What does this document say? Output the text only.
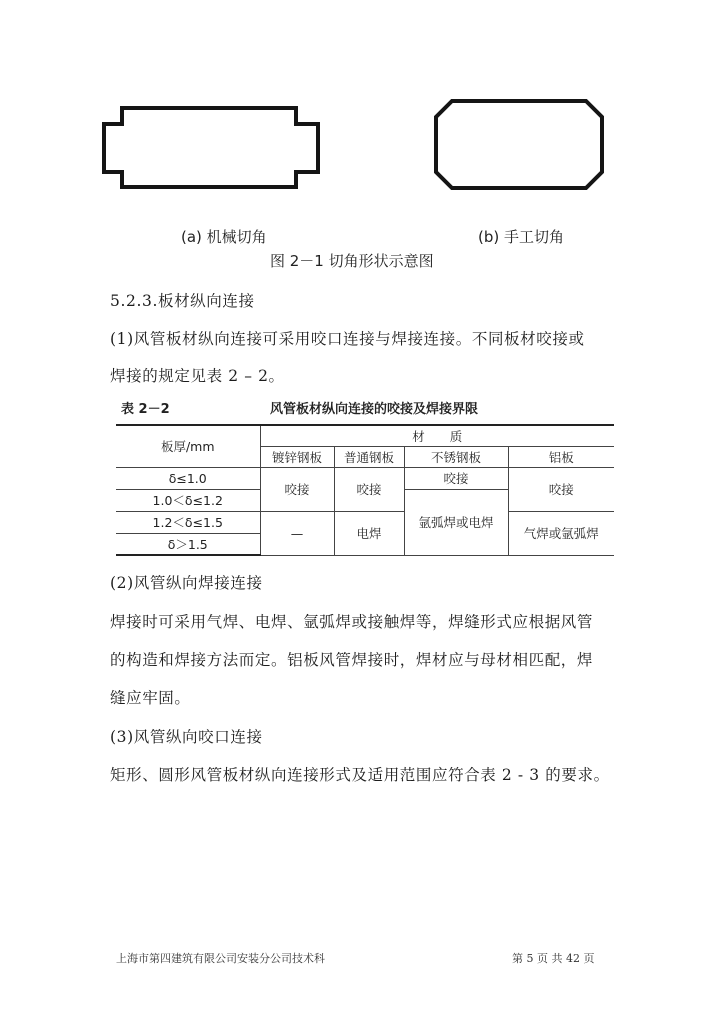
(a) 机械切角	(b) 手工切角
图 2－1 切角形状示意图
5.2.3.板材纵向连接
(1)风管板材纵向连接可采用咬口连接与焊接连接。不同板材咬接或
焊接的规定见表 2 – 2。
表 2－2	风管板材纵向连接的咬接及焊接界限
板厚/mm	材　　质			
	镀锌钢板	普通钢板	不锈钢板	铝板
δ≤1.0	咬接	咬接	咬接	咬接
1.0＜δ≤1.2			氩弧焊或电焊	
1.2＜δ≤1.5	—	电焊		气焊或氩弧焊
δ＞1.5				
(2)风管纵向焊接连接
焊接时可采用气焊、电焊、氩弧焊或接触焊等，焊缝形式应根据风管
的构造和焊接方法而定。铝板风管焊接时，焊材应与母材相匹配，焊
缝应牢固。
(3)风管纵向咬口连接
矩形、圆形风管板材纵向连接形式及适用范围应符合表 2 - 3 的要求。
上海市第四建筑有限公司安装分公司技术科	第 5 页 共 42 页
